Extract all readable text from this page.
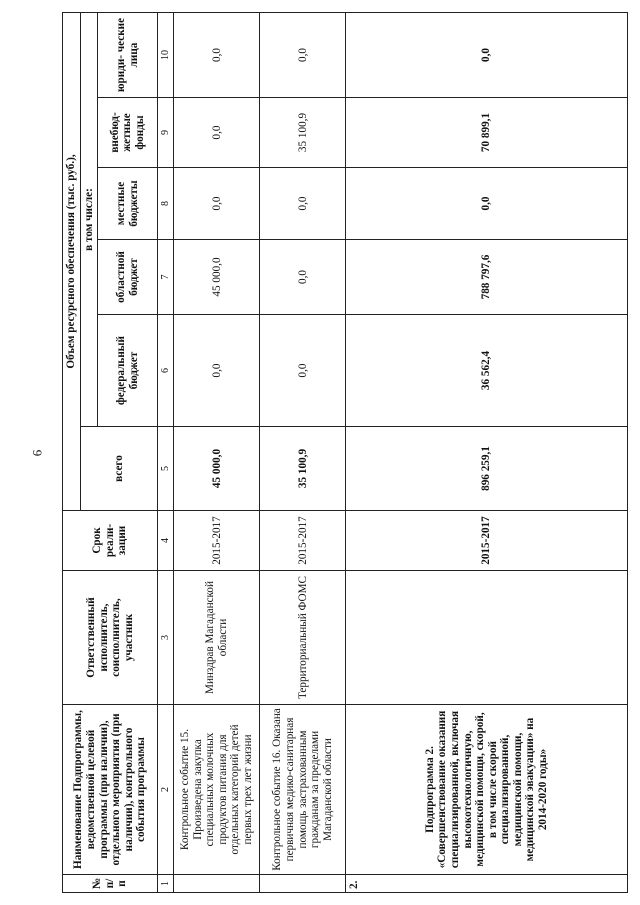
6
№ п/п	Наименование Подпрограммы, ведомственной целевой программы (при наличии), отдельного мероприятия (при наличии), контрольного события программы	Ответственный исполнитель, соисполнитель, участник	Срок реали- зации	Объем ресурсного обеспечения (тыс. руб.),					
				всего	в том числе:				
					федеральный бюджет	областной бюджет	местные бюджеты	внебюд- жетные фонды	юриди- ческие лица
1	2	3	4	5	6	7	8	9	10
	Контрольное событие 15. Произведена закупка специальных молочных продуктов питания для отдельных категорий детей первых трех лет жизни	Минздрав Магаданской области	2015-2017	45 000,0	0,0	45 000,0	0,0	0,0	0,0
	Контрольное событие 16. Оказана первичная медико-санитарная помощь застрахованным гражданам за пределами Магаданской области	Территориальный ФОМС	2015-2017	35 100,9	0,0	0,0	0,0	35 100,9	0,0
2.	Подпрограмма 2. «Совершенствование оказания специализированной, включая высокотехнологичную, медицинской помощи, скорой, в том числе скорой специализированной, медицинской помощи, медицинской эвакуации» на 2014-2020 годы»		2015-2017	896 259,1	36 562,4	788 797,6	0,0	70 899,1	0,0
